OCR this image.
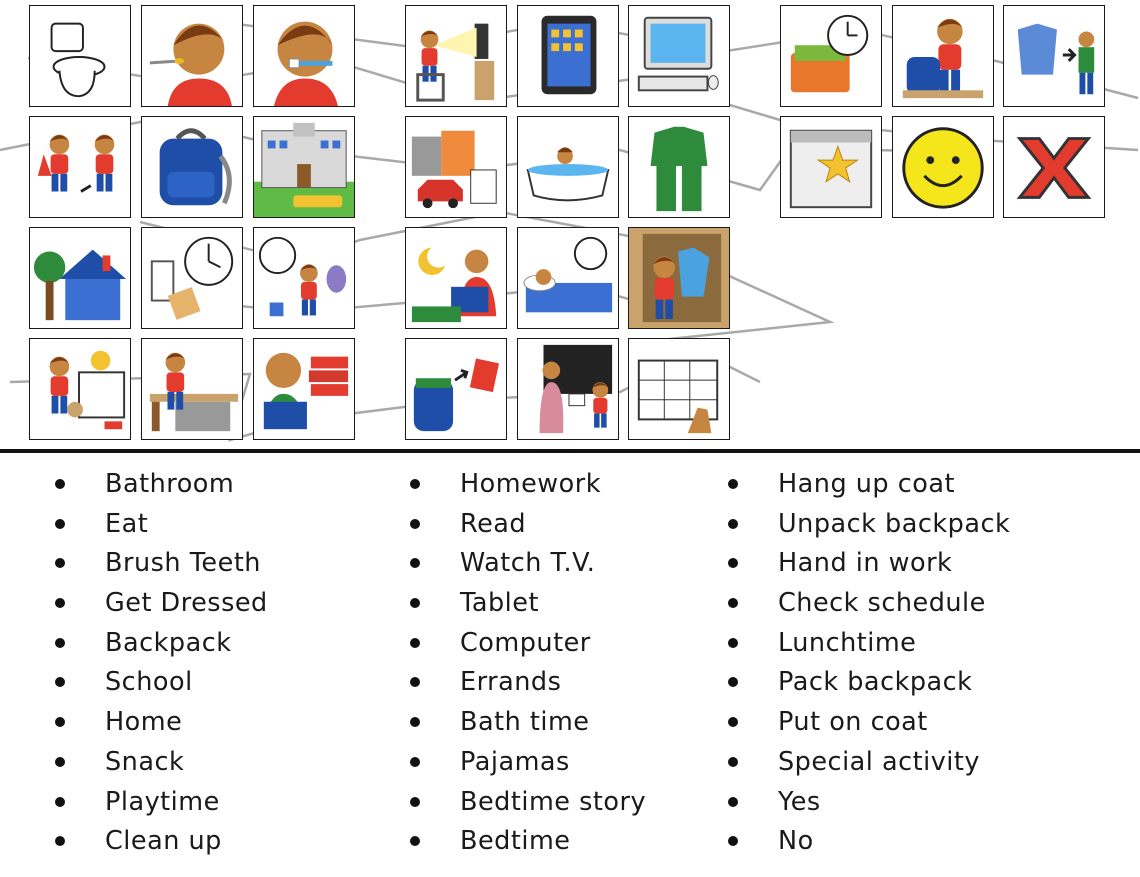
Bathroom
Eat
Brush Teeth
Get Dressed
Backpack
School
Home
Snack
Playtime
Clean up
Homework
Read
Watch T.V.
Tablet
Computer
Errands
Bath time
Pajamas
Bedtime story
Bedtime
Hang up coat
Unpack backpack
Hand in work
Check schedule
Lunchtime
Pack backpack
Put on coat
Special activity
Yes
No
